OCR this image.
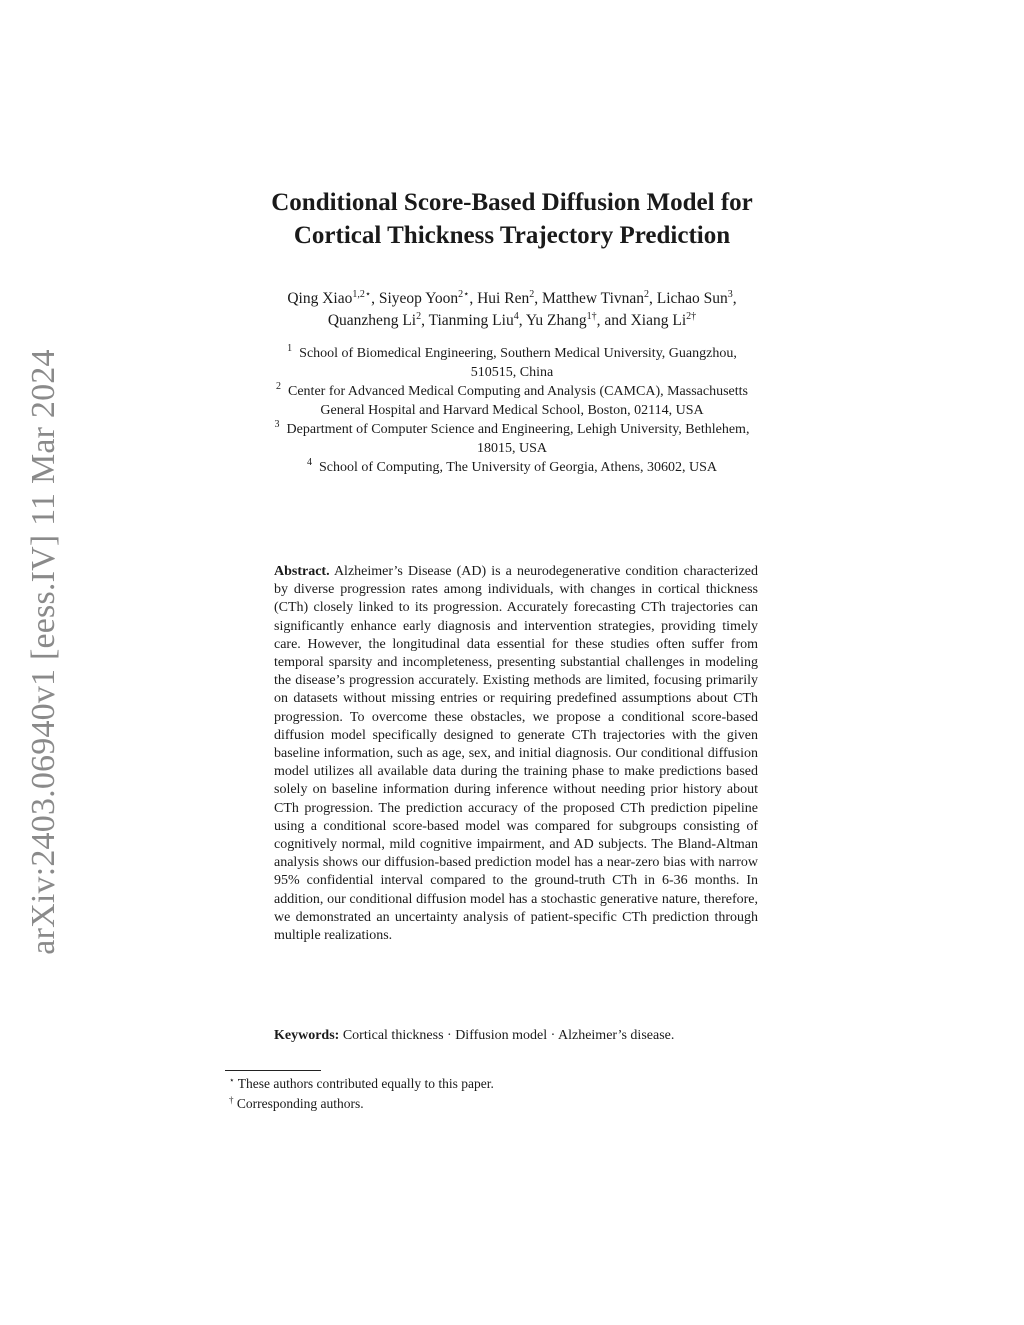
arXiv:2403.06940v1 [eess.IV] 11 Mar 2024
Conditional Score-Based Diffusion Model for
Cortical Thickness Trajectory Prediction
Qing Xiao$^{1,2⋆}$, Siyeop Yoon$^{2⋆}$, Hui Ren$^2$, Matthew Tivnan$^2$, Lichao Sun$^3$,
Quanzheng Li$^2$, Tianming Liu$^4$, Yu Zhang$^{1\dagger}$, and Xiang $Li^{2\dagger}$
$^1$ School of Biomedical Engineering, Southern Medical University, Guangzhou,
510515, China
$^2$ Center for Advanced Medical Computing and Analysis (CAMCA), Massachusetts
General Hospital and Harvard Medical School, Boston, 02114, USA
$^3$ Department of Computer Science and Engineering, Lehigh University, Bethlehem,
18015, USA
$^4$ School of Computing, The University of Georgia, Athens, 30602, USA
Abstract. Alzheimer’s Disease (AD) is a neurodegenerative condition characterized by diverse progression rates among individuals, with changes in cortical thickness (CTh) closely linked to its progression. Accurately forecasting CTh trajectories can significantly enhance early diagnosis and intervention strategies, providing timely care. However, the longitudinal data essential for these studies often suffer from temporal sparsity and incompleteness, presenting substantial challenges in modeling the disease’s progression accurately. Existing methods are limited, focusing primarily on datasets without missing entries or requiring predefined assumptions about CTh progression. To overcome these obstacles, we propose a conditional score-based diffusion model specifically designed to generate CTh trajectories with the given baseline information, such as age, sex, and initial diagnosis. Our conditional diffusion model utilizes all available data during the training phase to make predictions based solely on baseline information during inference without needing prior history about CTh progression. The prediction accuracy of the proposed CTh prediction pipeline using a conditional score-based model was compared for subgroups consisting of cognitively normal, mild cognitive impairment, and AD subjects. The Bland-Altman analysis shows our diffusion-based prediction model has a near-zero bias with narrow 95% confidential interval compared to the ground-truth CTh in 6-36 months. In addition, our conditional diffusion model has a stochastic generative nature, therefore, we demonstrated an uncertainty analysis of patient-specific CTh prediction through multiple realizations.
Keywords: Cortical thickness · Diffusion model · Alzheimer’s disease.
⋆ These authors contributed equally to this paper.
† Corresponding authors.
